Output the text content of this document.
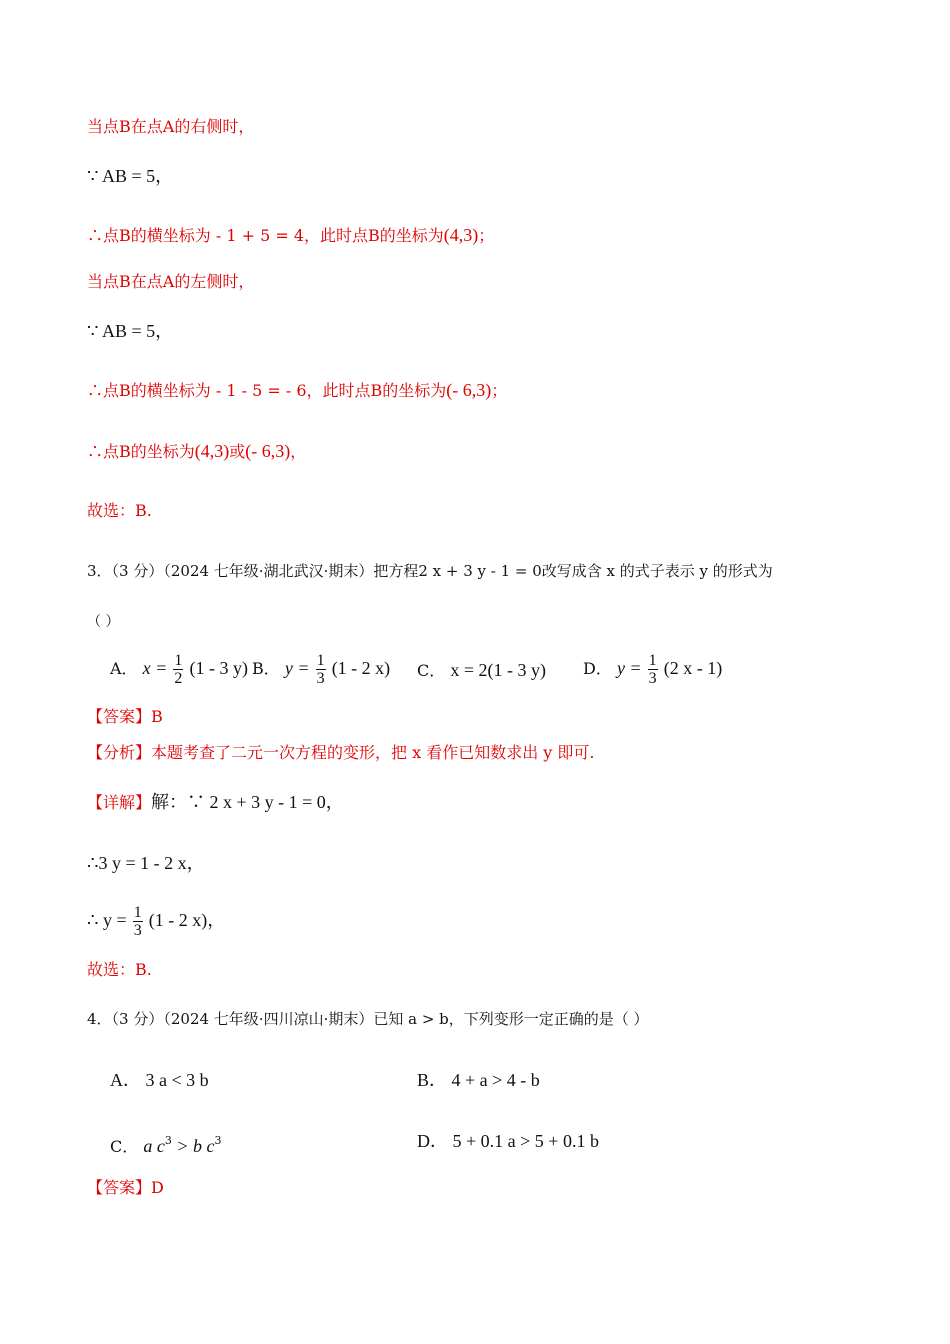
当点B在点A的右侧时，
∵ AB = 5，
∴点B的横坐标为 - 1 + 5 = 4，此时点B的坐标为(4,3)；
当点B在点A的左侧时，
∵ AB = 5，
∴点B的横坐标为 - 1 - 5 = - 6，此时点B的坐标为(- 6,3)；
∴点B的坐标为(4,3)或(- 6,3)，
故选：B.
3．（3 分）（2024 七年级·湖北武汉·期末）把方程2 x + 3 y - 1 = 0改写成含 x 的式子表示 y 的形式为
（ ）
A． $x = \frac{1}{2} (1 - 3$ y) B． $y = \frac{1}{3} (1 - 2$ x) C． x = 2(1 - 3 y) D． $y = \frac{1}{3} (2$ x - 1)
【答案】B
【分析】本题考查了二元一次方程的变形，把 x 看作已知数求出 y 即可.
【详解】解：∵ 2 x + 3 y - 1 = 0，
∴3 y = 1 - 2 x，
∴ $y = \frac{1}{3} (1 - 2$ x)，
故选：B.
4．（3 分）（2024 七年级·四川凉山·期末）已知 a > b，下列变形一定正确的是（ ）
A． 3 a < 3 b	B． 4 + a > 4 - b
C． a $c^3 > b$ $c^3$	D． 5 + 0.1 a > 5 + 0.1 b
【答案】D
